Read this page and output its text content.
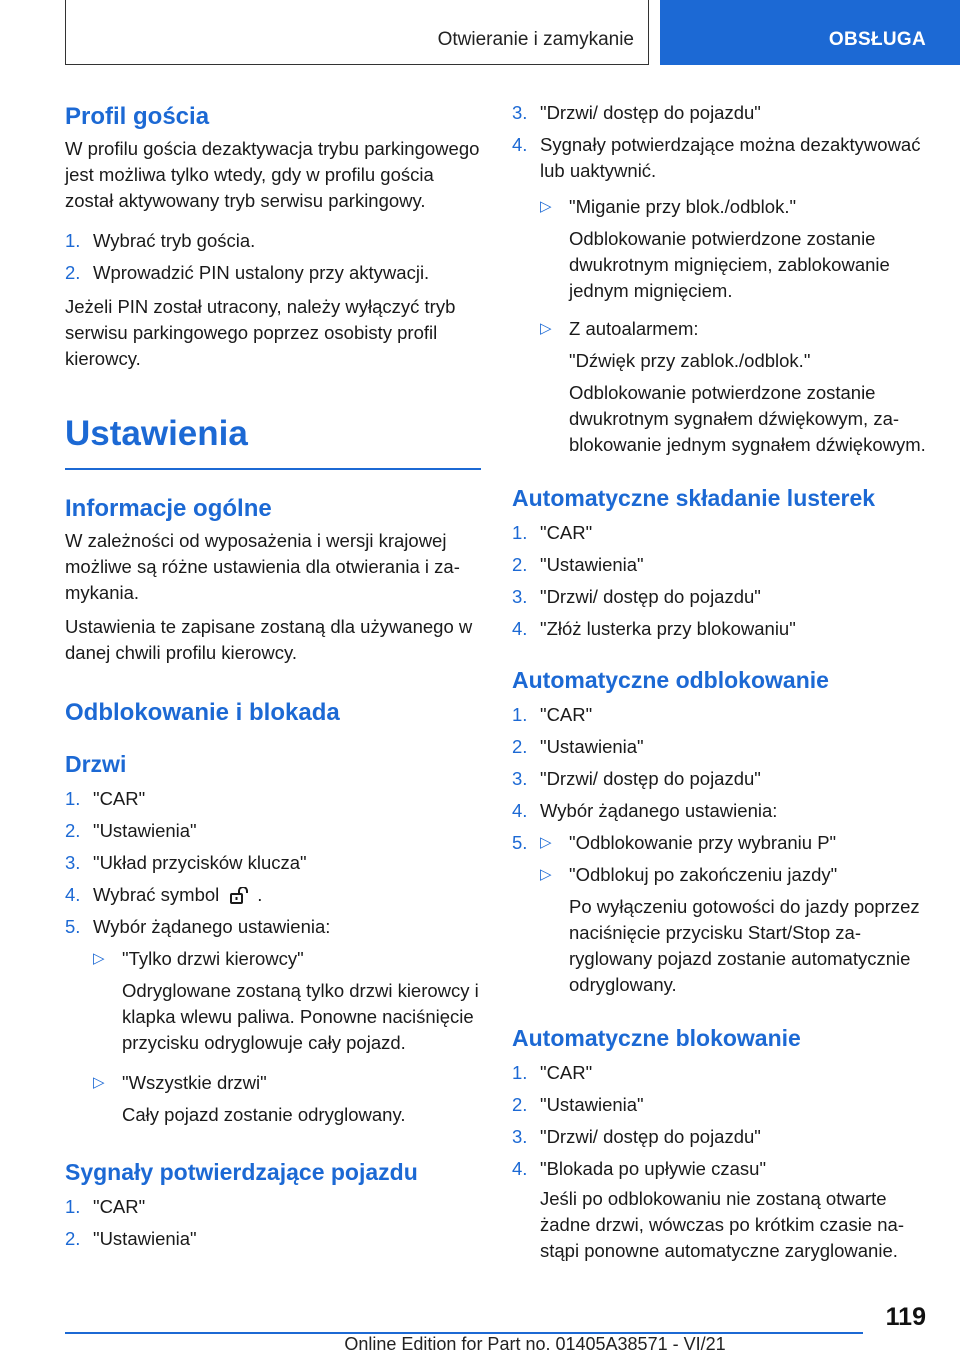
Otwieranie i zamykanie	OBSŁUGA
Profil gościa

W profilu gościa dezaktywacja trybu parkingowego jest możliwa tylko wtedy, gdy w profilu gościa został aktywowany tryb serwisu parkingowy.

1. Wybrać tryb gościa.
2. Wprowadzić PIN ustalony przy aktywacji.

Jeżeli PIN został utracony, należy wyłączyć tryb serwisu parkingowego poprzez osobisty profil kierowcy.

Ustawienia
Informacje ogólne

W zależności od wyposażenia i wersji krajowej możliwe są różne ustawienia dla otwierania i zamykania.

Ustawienia te zapisane zostaną dla używanego w danej chwili profilu kierowcy.

Odblokowanie i blokada
Drzwi
1. "CAR"
2. "Ustawienia"
3. "Układ przycisków klucza"
4. Wybrać symbol .
5. Wybór żądanego ustawienia:
▷ "Tylko drzwi kierowcy"
Odryglowane zostaną tylko drzwi kierowcy i klapka wlewu paliwa. Ponowne naciśnięcie przycisku odryglowuje cały pojazd.
▷ "Wszystkie drzwi"
Cały pojazd zostanie odryglowany.
Sygnały potwierdzające pojazdu
1. "CAR"
2. "Ustawienia"
3. "Drzwi/ dostęp do pojazdu"
4. Sygnały potwierdzające można dezaktywować lub uaktywnić.
▷ "Miganie przy blok./odblok."
Odblokowanie potwierdzone zostanie dwukrotnym mignięciem, zablokowanie jednym mignięciem.
▷ Z autoalarmem:
"Dźwięk przy zablok./odblok."
Odblokowanie potwierdzone zostanie dwukrotnym sygnałem dźwiękowym, zablokowanie jednym sygnałem dźwiękowym.
Automatyczne składanie lusterek
1. "CAR"
2. "Ustawienia"
3. "Drzwi/ dostęp do pojazdu"
4. "Złóż lusterka przy blokowaniu"
Automatyczne odblokowanie
1. "CAR"
2. "Ustawienia"
3. "Drzwi/ dostęp do pojazdu"
4. Wybór żądanego ustawienia:
5. ▷ "Odblokowanie przy wybraniu P"
▷ "Odblokuj po zakończeniu jazdy"
Po wyłączeniu gotowości do jazdy poprzez naciśnięcie przycisku Start/Stop zaryglowany pojazd zostanie automatycznie odryglowany.
Automatyczne blokowanie
1. "CAR"
2. "Ustawienia"
3. "Drzwi/ dostęp do pojazdu"
4. "Blokada po upływie czasu"
Jeśli po odblokowaniu nie zostaną otwarte żadne drzwi, wówczas po krótkim czasie nastąpi ponowne automatyczne zaryglowanie.
119
Online Edition for Part no. 01405A38571 - VI/21
